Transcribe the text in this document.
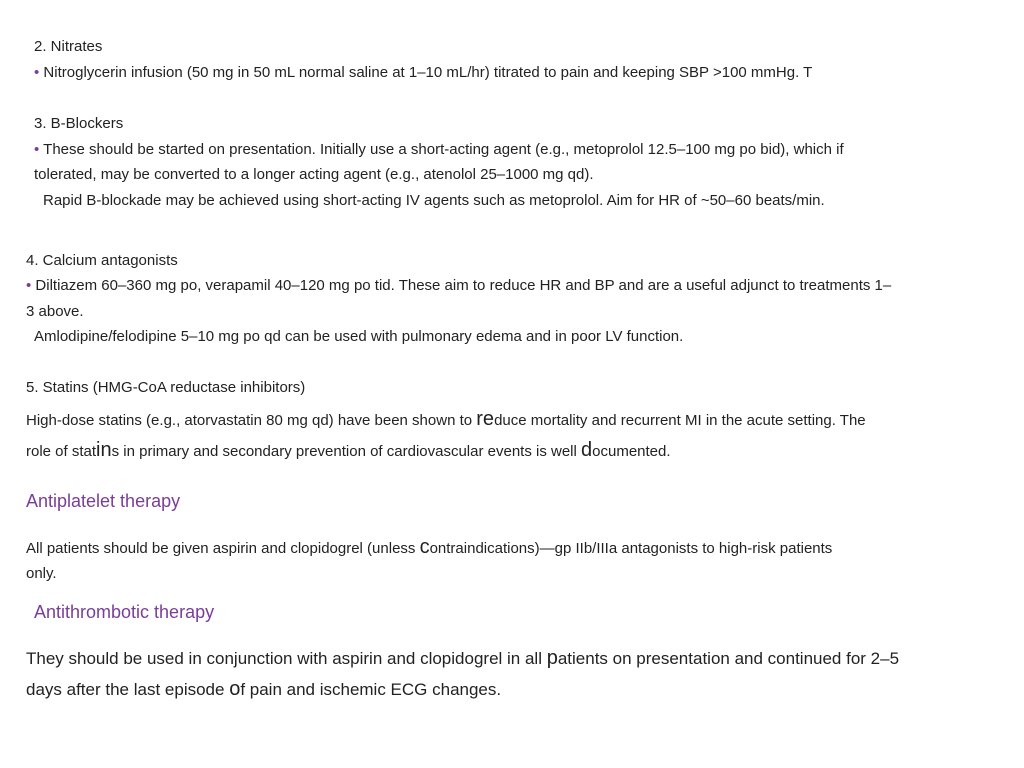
2. Nitrates
• Nitroglycerin infusion (50 mg in 50 mL normal saline at 1–10 mL/hr) titrated to pain and keeping SBP >100 mmHg. T
3. B-Blockers
• These should be started on presentation. Initially use a short-acting agent (e.g., metoprolol 12.5–100 mg po bid), which if
tolerated, may be converted to a longer acting agent (e.g., atenolol 25–1000 mg qd).
Rapid B-blockade may be achieved using short-acting IV agents such as metoprolol. Aim for HR of ~50–60 beats/min.
4. Calcium antagonists
• Diltiazem 60–360 mg po, verapamil 40–120 mg po tid. These aim to reduce HR and BP and are a useful adjunct to treatments 1–
3 above.
Amlodipine/felodipine 5–10 mg po qd can be used with pulmonary edema and in poor LV function.
5. Statins (HMG-CoA reductase inhibitors)
High-dose statins (e.g., atorvastatin 80 mg qd) have been shown to reduce mortality and recurrent MI in the acute setting. The
role of statins in primary and secondary prevention of cardiovascular events is well documented.
Antiplatelet therapy
All patients should be given aspirin and clopidogrel (unless contraindications)—gp IIb/IIIa antagonists to high-risk patients
only.
Antithrombotic therapy
They should be used in conjunction with aspirin and clopidogrel in all patients on presentation and continued for 2–5
days after the last episode of pain and ischemic ECG changes.
